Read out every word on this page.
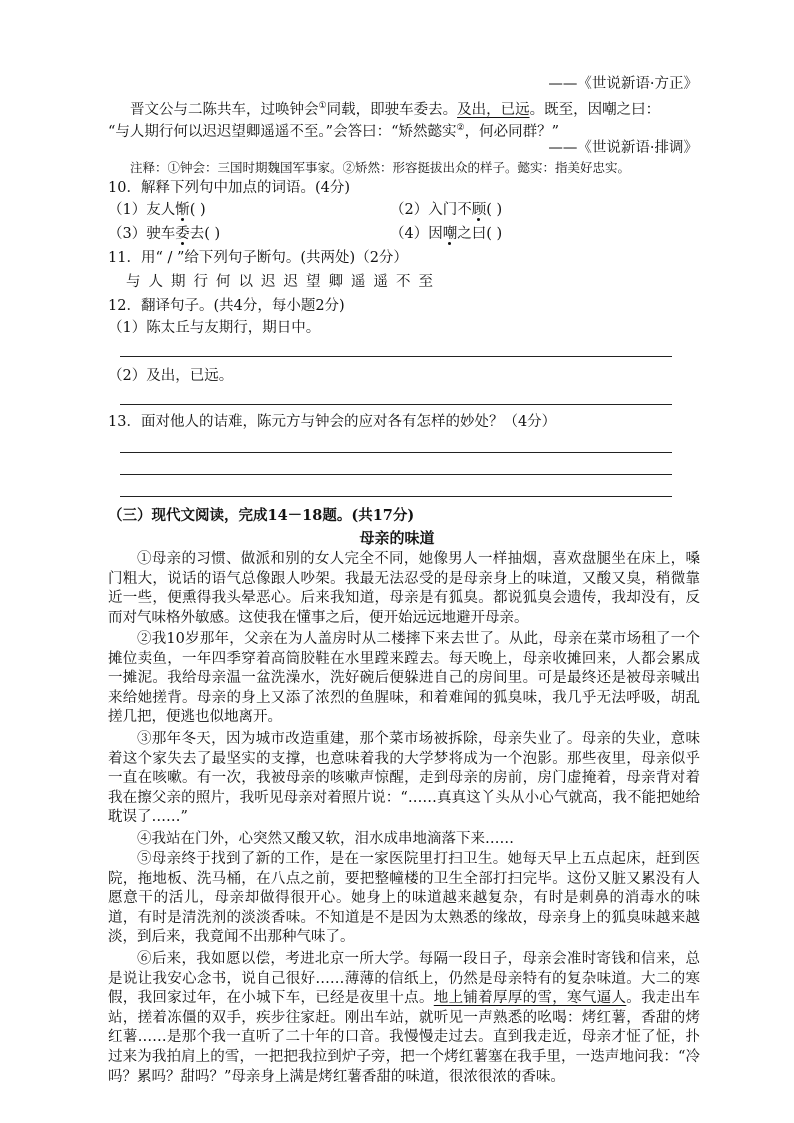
——《世说新语·方正》
晋文公与二陈共车，过唤钟会①同载，即驶车委去。及出，已远。既至，因嘲之曰：
“与人期行何以迟迟望卿遥遥不至。”会答曰：“矫然懿实②，何必同群？”
——《世说新语·排调》
注释：①钟会：三国时期魏国军事家。②矫然：形容挺拔出众的样子。懿实：指美好忠实。
10．解释下列句中加点的词语。(4分)
（1）友人惭( )	（2）入门不顾( )
（3）驶车委去( )	（4）因嘲之曰( )
11．用“ / ”给下列句子断句。(共两处)（2分）
与人期行何以迟迟望卿遥遥不至
12．翻译句子。(共4分，每小题2分)
（1）陈太丘与友期行，期日中。
（2）及出，已远。
13．面对他人的诘难，陈元方与钟会的应对各有怎样的妙处？（4分）
（三）现代文阅读，完成14－18题。(共17分)
母亲的味道
①母亲的习惯、做派和别的女人完全不同，她像男人一样抽烟，喜欢盘腿坐在床上，嗓门粗大，说话的语气总像跟人吵架。我最无法忍受的是母亲身上的味道，又酸又臭，稍微靠近一些，便熏得我头晕恶心。后来我知道，母亲是有狐臭。都说狐臭会遗传，我却没有，反而对气味格外敏感。这使我在懂事之后，便开始远远地避开母亲。
②我10岁那年，父亲在为人盖房时从二楼摔下来去世了。从此，母亲在菜市场租了一个摊位卖鱼，一年四季穿着高筒胶鞋在水里蹚来蹚去。每天晚上，母亲收摊回来，人都会累成一摊泥。我给母亲温一盆洗澡水，洗好碗后便躲进自己的房间里。可是最终还是被母亲喊出来给她搓背。母亲的身上又添了浓烈的鱼腥味，和着难闻的狐臭味，我几乎无法呼吸，胡乱搓几把，便逃也似地离开。
③那年冬天，因为城市改造重建，那个菜市场被拆除，母亲失业了。母亲的失业，意味着这个家失去了最坚实的支撑，也意味着我的大学梦将成为一个泡影。那些夜里，母亲似乎一直在咳嗽。有一次，我被母亲的咳嗽声惊醒，走到母亲的房前，房门虚掩着，母亲背对着我在擦父亲的照片，我听见母亲对着照片说：“……真真这丫头从小心气就高，我不能把她给耽误了……”
④我站在门外，心突然又酸又软，泪水成串地滴落下来……
⑤母亲终于找到了新的工作，是在一家医院里打扫卫生。她每天早上五点起床，赶到医院，拖地板、洗马桶，在八点之前，要把整幢楼的卫生全部打扫完毕。这份又脏又累没有人愿意干的活儿，母亲却做得很开心。她身上的味道越来越复杂，有时是刺鼻的消毒水的味道，有时是清洗剂的淡淡香味。不知道是不是因为太熟悉的缘故，母亲身上的狐臭味越来越淡，到后来，我竟闻不出那种气味了。
⑥后来，我如愿以偿，考进北京一所大学。每隔一段日子，母亲会准时寄钱和信来，总是说让我安心念书，说自己很好……薄薄的信纸上，仍然是母亲特有的复杂味道。大二的寒假，我回家过年，在小城下车，已经是夜里十点。地上铺着厚厚的雪，寒气逼人。我走出车站，搓着冻僵的双手，疾步往家赶。刚出车站，就听见一声熟悉的吆喝：烤红薯，香甜的烤红薯……是那个我一直听了二十年的口音。我慢慢走过去。直到我走近，母亲才怔了怔，扑过来为我拍肩上的雪，一把把我拉到炉子旁，把一个烤红薯塞在我手里，一迭声地问我：“冷吗？累吗？甜吗？”母亲身上满是烤红薯香甜的味道，很浓很浓的香味。
